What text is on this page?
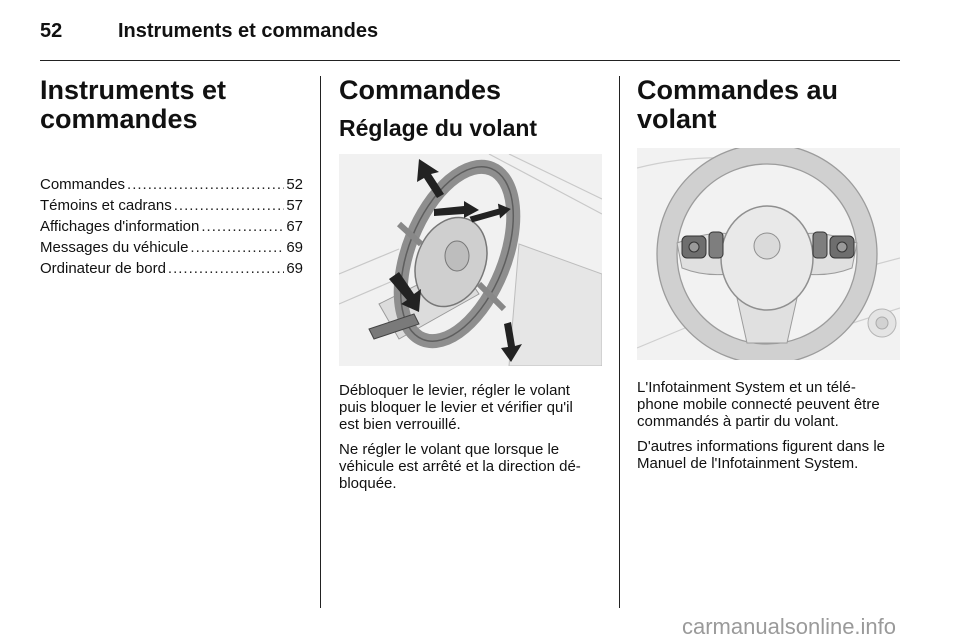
52	Instruments et commandes
Instruments et
commandes
Commandes .....	52
Témoins et cadrans .....	57
Affichages d'information .....	67
Messages du véhicule .....	69
Ordinateur de bord .....	69
Commandes
Réglage du volant

Débloquer le levier, régler le volant
puis bloquer le levier et vérifier qu'il
est bien verrouillé.

Ne régler le volant que lorsque le
véhicule est arrêté et la direction dé-
bloquée.

Commandes au volant

L'Infotainment System et un télé-
phone mobile connecté peuvent être
commandés à partir du volant.

D'autres informations figurent dans le
Manuel de l'Infotainment System.

carmanualsonline.info
